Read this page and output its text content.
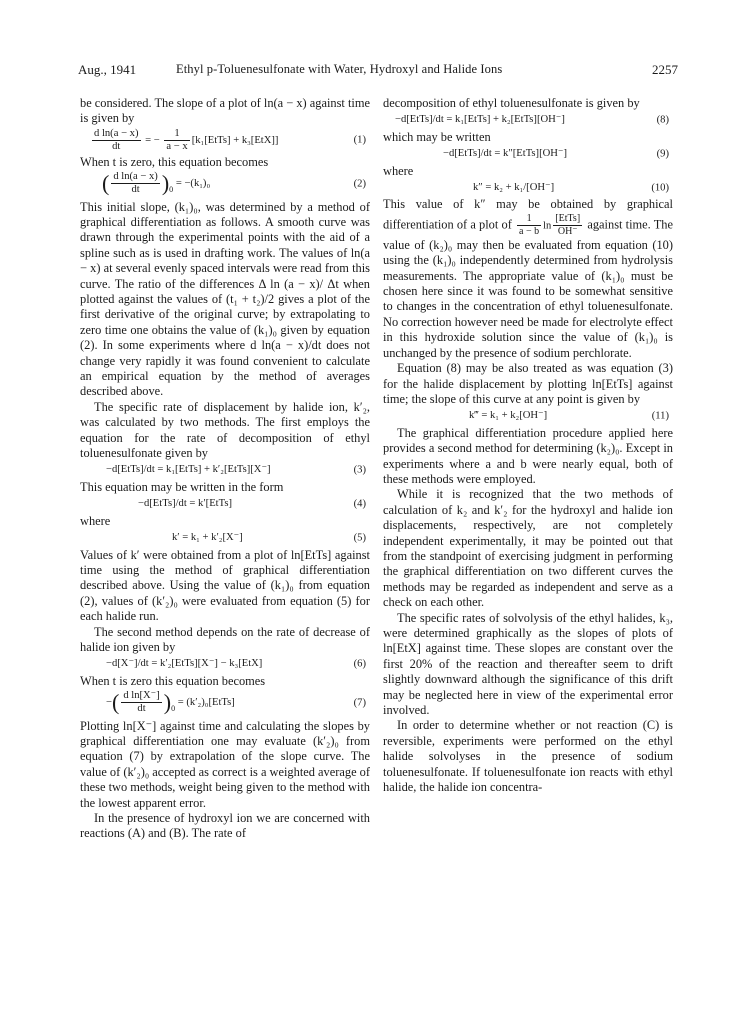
Aug., 1941	Ethyl p-Toluenesulfonate with Water, Hydroxyl and Halide Ions	2257

be considered. The slope of a plot of ln(a − x) against time is given by

$\frac{\text{d ln(a − x)}}{dt}$ = − $\frac{1}{a - x}$ [k₁[EtTs] + k₃[EtX]]	(1)

When t is zero, this equation becomes

( $\frac{\text{d ln(a − x)}}{dt} )_0 = -(k_1)_0$	(2)

This initial slope, (k₁)₀, was determined by a method of graphical differentiation as follows. A smooth curve was drawn through the experimental points with the aid of a spline such as is used in drafting work. The values of ln(a − x) at several evenly spaced intervals were read from this curve. The ratio of the differences Δ ln (a − x)/ Δt when plotted against the values of (t₁ + t₂)/2 gives a plot of the first derivative of the original curve; by extrapolating to zero time one obtains the value of (k₁)₀ given by equation (2). In some experiments where d ln(a − x)/dt does not change very rapidly it was found convenient to calculate an empirical equation by the method of averages described above.

The specific rate of displacement by halide ion, k′₂, was calculated by two methods. The first employs the equation for the rate of decomposition of ethyl toluenesulfonate given by

−d[EtTs]/dt = k₁[EtTs] + k′₂[EtTs][X⁻]	(3)

This equation may be written in the form

−d[EtTs]/dt = k′[EtTs]	(4)

where

k′ = k₁ + k′₂[X⁻]	(5)

Values of k′ were obtained from a plot of ln[EtTs] against time using the method of graphical differentiation described above. Using the value of (k₁)₀ from equation (2), values of (k′₂)₀ were evaluated from equation (5) for each halide run.

The second method depends on the rate of decrease of halide ion given by

−d[X⁻]/dt = k′₂[EtTs][X⁻] − k₃[EtX]	(6)

When t is zero this equation becomes

−( $\frac{\text{d ln[X⁻]}}{dt} )_0$ = (k′₂)₀[EtTs]	(7)

Plotting ln[X⁻] against time and calculating the slopes by graphical differentiation one may evaluate (k′₂)₀ from equation (7) by extrapolation of the slope curve. The value of (k′₂)₀ accepted as correct is a weighted average of these two methods, weight being given to the method with the lowest apparent error.

In the presence of hydroxyl ion we are concerned with reactions (A) and (B). The rate of

decomposition of ethyl toluenesulfonate is given by

−d[EtTs]/dt = k₁[EtTs] + k₂[EtTs][OH⁻]	(8)

which may be written

−d[EtTs]/dt = k″[EtTs][OH⁻]	(9)

where

k″ = k₂ + k₁/[OH⁻]	(10)

This value of k″ may be obtained by graphical differentiation of a plot of $\frac{1}{a - b}$ $\ln \frac{\text{[EtTs]}}{OH^-}$ against time. The value of (k₂)₀ may then be evaluated from equation (10) using the (k₁)₀ independently determined from hydrolysis measurements. The appropriate value of (k₁)₀ must be chosen here since it was found to be somewhat sensitive to changes in the concentration of ethyl toluenesulfonate. No correction however need be made for electrolyte effect in this hydroxide solution since the value of (k₁)₀ is unchanged by the presence of sodium perchlorate.

Equation (8) may be also treated as was equation (3) for the halide displacement by plotting ln[EtTs] against time; the slope of this curve at any point is given by

k‴ = k₁ + k₂[OH⁻]	(11)

The graphical differentiation procedure applied here provides a second method for determining (k₂)₀. Except in experiments where a and b were nearly equal, both of these methods were employed.

While it is recognized that the two methods of calculation of k₂ and k′₂ for the hydroxyl and halide ion displacements, respectively, are not completely independent experimentally, it may be pointed out that from the standpoint of exercising judgment in performing the graphical differentiation on two different curves the methods may be regarded as independent and serve as a check on each other.

The specific rates of solvolysis of the ethyl halides, k₃, were determined graphically as the slopes of plots of ln[EtX] against time. These slopes are constant over the first 20% of the reaction and thereafter seem to drift slightly downward although the significance of this drift may be neglected here in view of the experimental error involved.

In order to determine whether or not reaction (C) is reversible, experiments were performed on the ethyl halide solvolyses in the presence of sodium toluenesulfonate. If toluenesulfonate ion reacts with ethyl halide, the halide ion concentra-
